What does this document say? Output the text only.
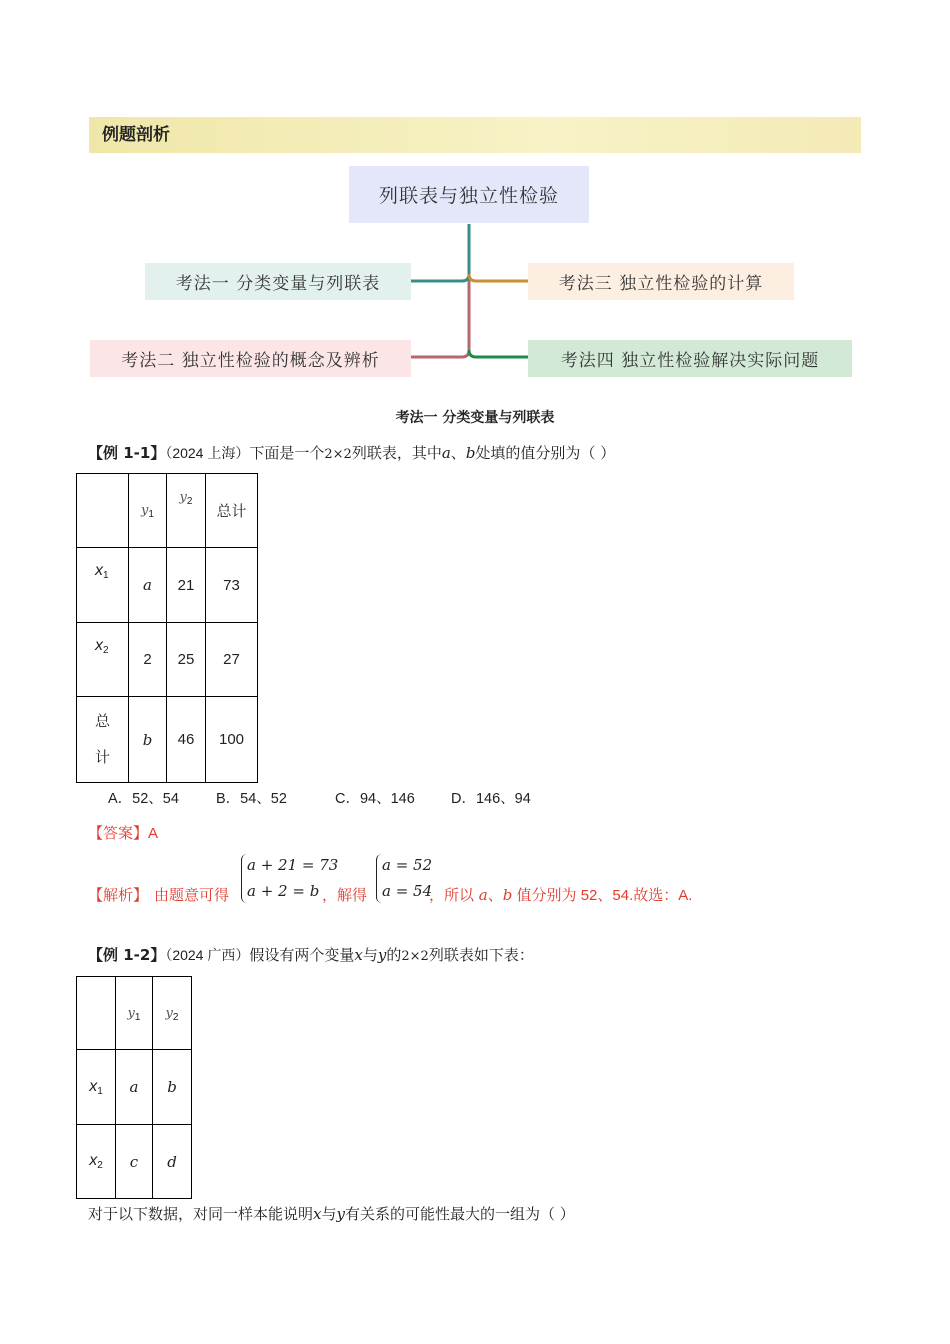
例题剖析
列联表与独立性检验
考法一 分类变量与列联表
考法二 独立性检验的概念及辨析
考法三 独立性检验的计算
考法四 独立性检验解决实际问题
考法一 分类变量与列联表
【例 1-1】（2024 上海）下面是一个2×2列联表，其中a、b处填的值分别为（ ）
	$y_1$	$y_2$	总计
$x_1$	a	21	73
$x_2$	2	25	27
总
计	b	46	100
A．52、54	B．54、52	C．94、146 D．146、94
【答案】A
【解析】 由题意可得
a + 21 = 73
a + 2 = b ，解得
a = 52
a = 54
，所以 a、b 值分别为 52、54.故选：A.
【例 1-2】（2024 广西）假设有两个变量x与y的2×2列联表如下表：
	$y_1$	$y_2$
$x_1$	a	b
$x_2$	c	d
对于以下数据，对同一样本能说明x与y有关系的可能性最大的一组为（ ）
